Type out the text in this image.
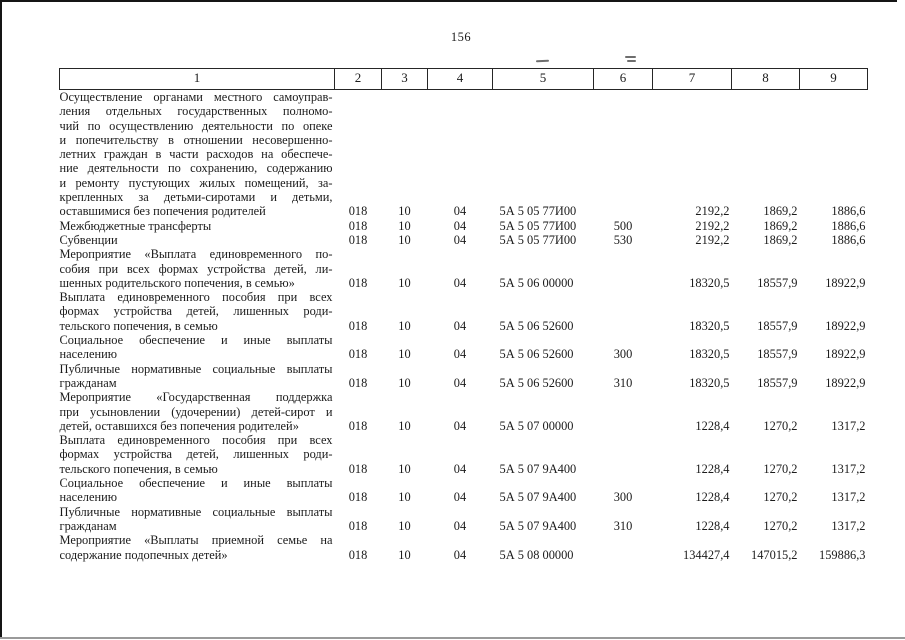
156
1	2	3	4	5	6	7	8	9

Осуществление органами местного самоуправ-
ления отдельных государственных полномо-
чий по осуществлению деятельности по опеке
и попечительству в отношении несовершенно-
летних граждан в части расходов на обеспече-
ние деятельности по сохранению, содержанию
и ремонту пустующих жилых помещений, за-
крепленных за детьми-сиротами и детьми,
оставшимися без попечения родителей	018	10	04	5А 5 05 77И00		2192,2	1869,2	1886,6

Межбюджетные трансферты	018	10	04	5А 5 05 77И00	500	2192,2	1869,2	1886,6

Субвенции	018	10	04	5А 5 05 77И00	530	2192,2	1869,2	1886,6

Мероприятие «Выплата единовременного по-
собия при всех формах устройства детей, ли-
шенных родительского попечения, в семью»	018	10	04	5А 5 06 00000		18320,5	18557,9	18922,9

Выплата единовременного пособия при всех
формах устройства детей, лишенных роди-
тельского попечения, в семью	018	10	04	5А 5 06 52600		18320,5	18557,9	18922,9

Социальное обеспечение и иные выплаты
населению	018	10	04	5А 5 06 52600	300	18320,5	18557,9	18922,9

Публичные нормативные социальные выплаты
гражданам	018	10	04	5А 5 06 52600	310	18320,5	18557,9	18922,9

Мероприятие «Государственная поддержка
при усыновлении (удочерении) детей-сирот и
детей, оставшихся без попечения родителей»	018	10	04	5А 5 07 00000		1228,4	1270,2	1317,2

Выплата единовременного пособия при всех
формах устройства детей, лишенных роди-
тельского попечения, в семью	018	10	04	5А 5 07 9А400		1228,4	1270,2	1317,2

Социальное обеспечение и иные выплаты
населению	018	10	04	5А 5 07 9А400	300	1228,4	1270,2	1317,2

Публичные нормативные социальные выплаты
гражданам	018	10	04	5А 5 07 9А400	310	1228,4	1270,2	1317,2

Мероприятие «Выплаты приемной семье на
содержание подопечных детей»	018	10	04	5А 5 08 00000		134427,4	147015,2	159886,3
